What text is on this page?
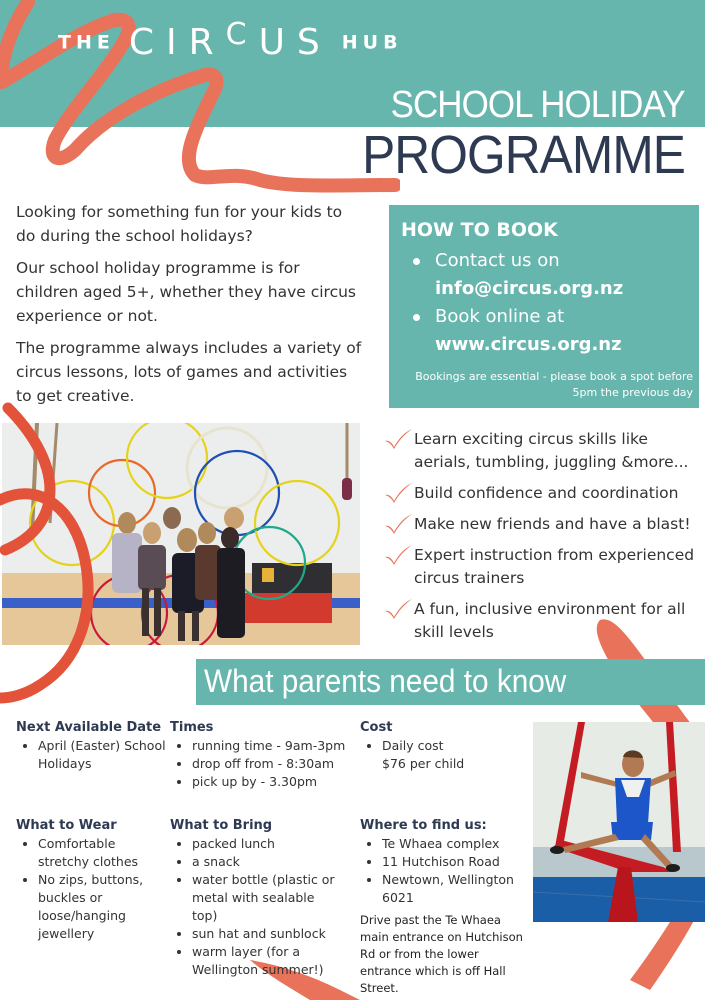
THE $CIR^CUS$ HUB
SCHOOL HOLIDAY
PROGRAMME

Looking for something fun for your kids to do during the school holidays?

Our school holiday programme is for children aged 5+, whether they have circus experience or not.

The programme always includes a variety of circus lessons, lots of games and activities to get creative.

HOW TO BOOK
Contact us on
info@circus.org.nz
Book online at
www.circus.org.nz
Bookings are essential - please book a spot before 5pm the previous day
Learn exciting circus skills like aerials, tumbling, juggling &more...
Build confidence and coordination
Make new friends and have a blast!
Expert instruction from experienced circus trainers
A fun, inclusive environment for all skill levels
What parents need to know
Next Available Date
April (Easter) School Holidays
Times
running time - 9am-3pm
drop off from - 8:30am
pick up by - 3.30pm
Cost
Daily cost $76 per child
What to Wear
Comfortable stretchy clothes
No zips, buttons, buckles or loose/hanging jewellery
What to Bring
packed lunch
a snack
water bottle (plastic or metal with sealable top)
sun hat and sunblock
warm layer (for a Wellington summer!)
Where to find us:
Te Whaea complex
11 Hutchison Road
Newtown, Wellington 6021
Drive past the Te Whaea main entrance on Hutchison Rd or from the lower entrance which is off Hall Street.
